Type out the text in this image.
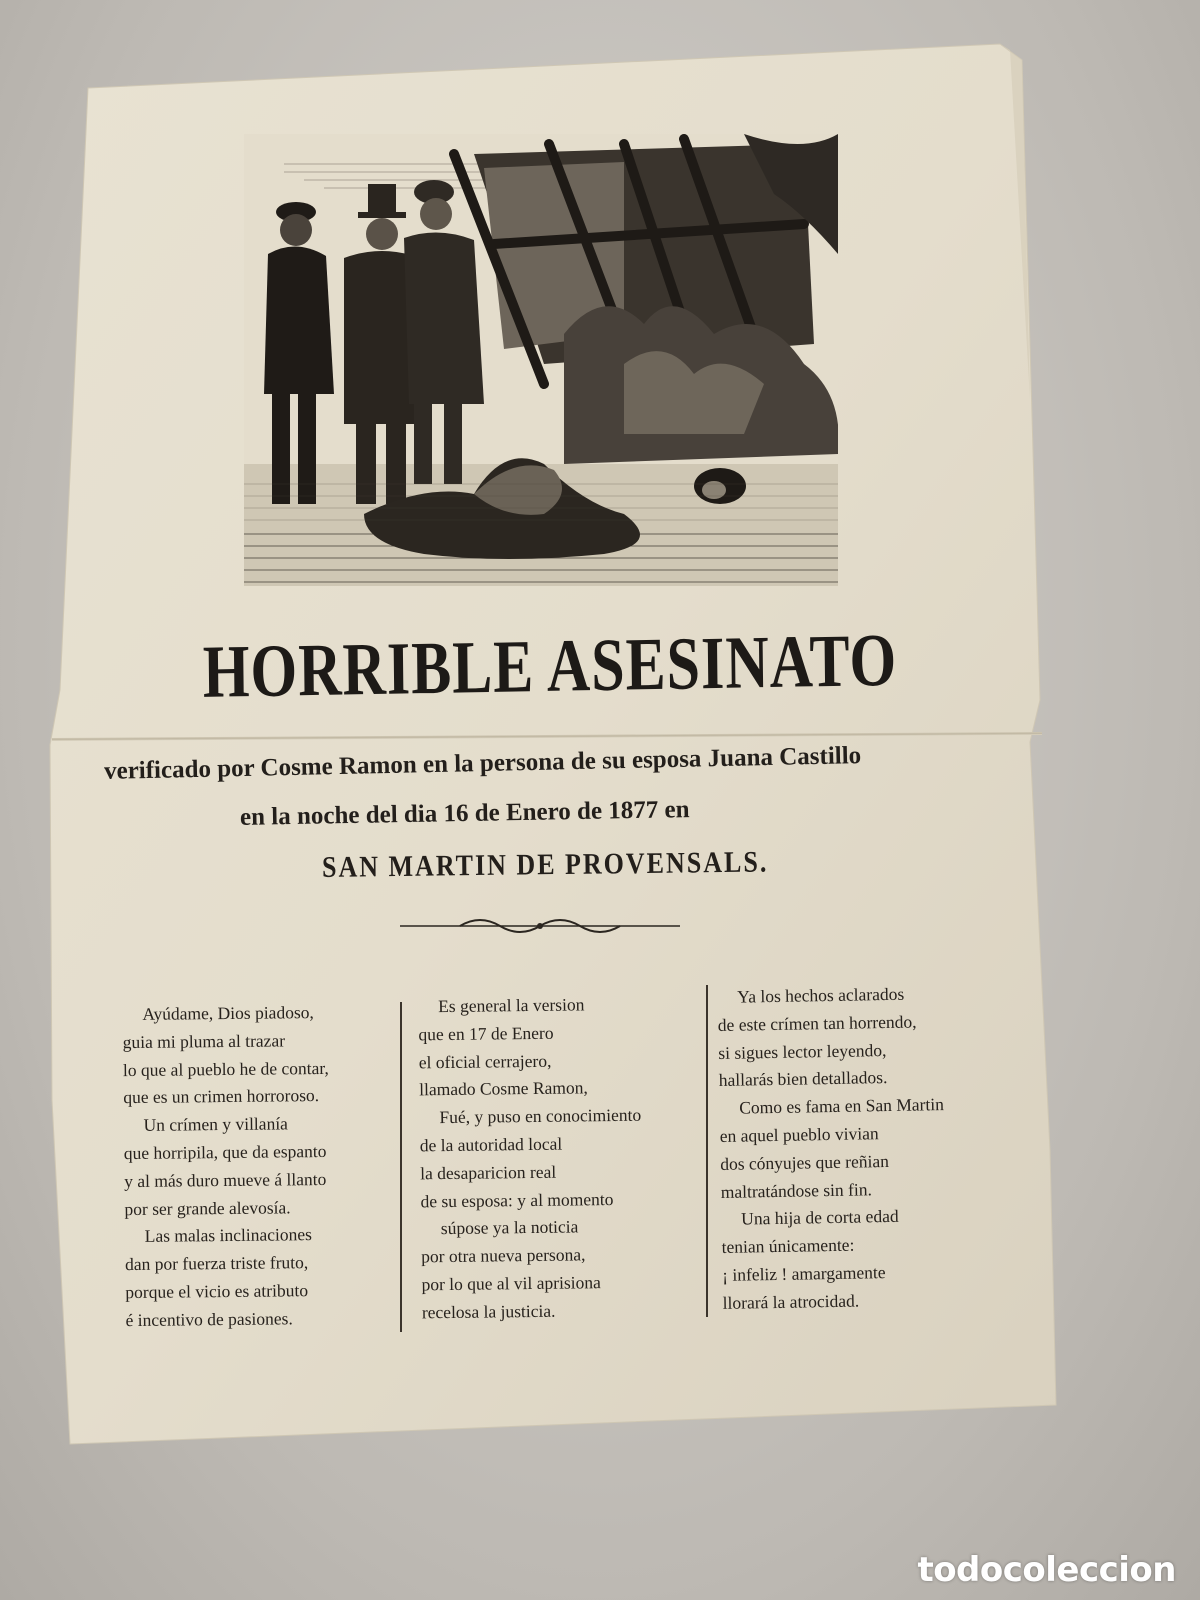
HORRIBLE ASESINATO
verificado por Cosme Ramon en la persona de su esposa Juana Castillo
en la noche del dia 16 de Enero de 1877 en
SAN MARTIN DE PROVENSALS.
Ayúdame, Dios piadoso,
guia mi pluma al trazar
lo que al pueblo he de contar,
que es un crimen horroroso.
Un crímen y villanía
que horripila, que da espanto
y al más duro mueve á llanto
por ser grande alevosía.
Las malas inclinaciones
dan por fuerza triste fruto,
porque el vicio es atributo
é incentivo de pasiones.
Es general la version
que en 17 de Enero
el oficial cerrajero,
llamado Cosme Ramon,
Fué, y puso en conocimiento
de la autoridad local
la desaparicion real
de su esposa: y al momento
súpose ya la noticia
por otra nueva persona,
por lo que al vil aprisiona
recelosa la justicia.
Ya los hechos aclarados
de este crímen tan horrendo,
si sigues lector leyendo,
hallarás bien detallados.
Como es fama en San Martin
en aquel pueblo vivian
dos cónyujes que reñian
maltratándose sin fin.
Una hija de corta edad
tenian únicamente:
¡ infeliz ! amargamente
llorará la atrocidad.
todocoleccion
